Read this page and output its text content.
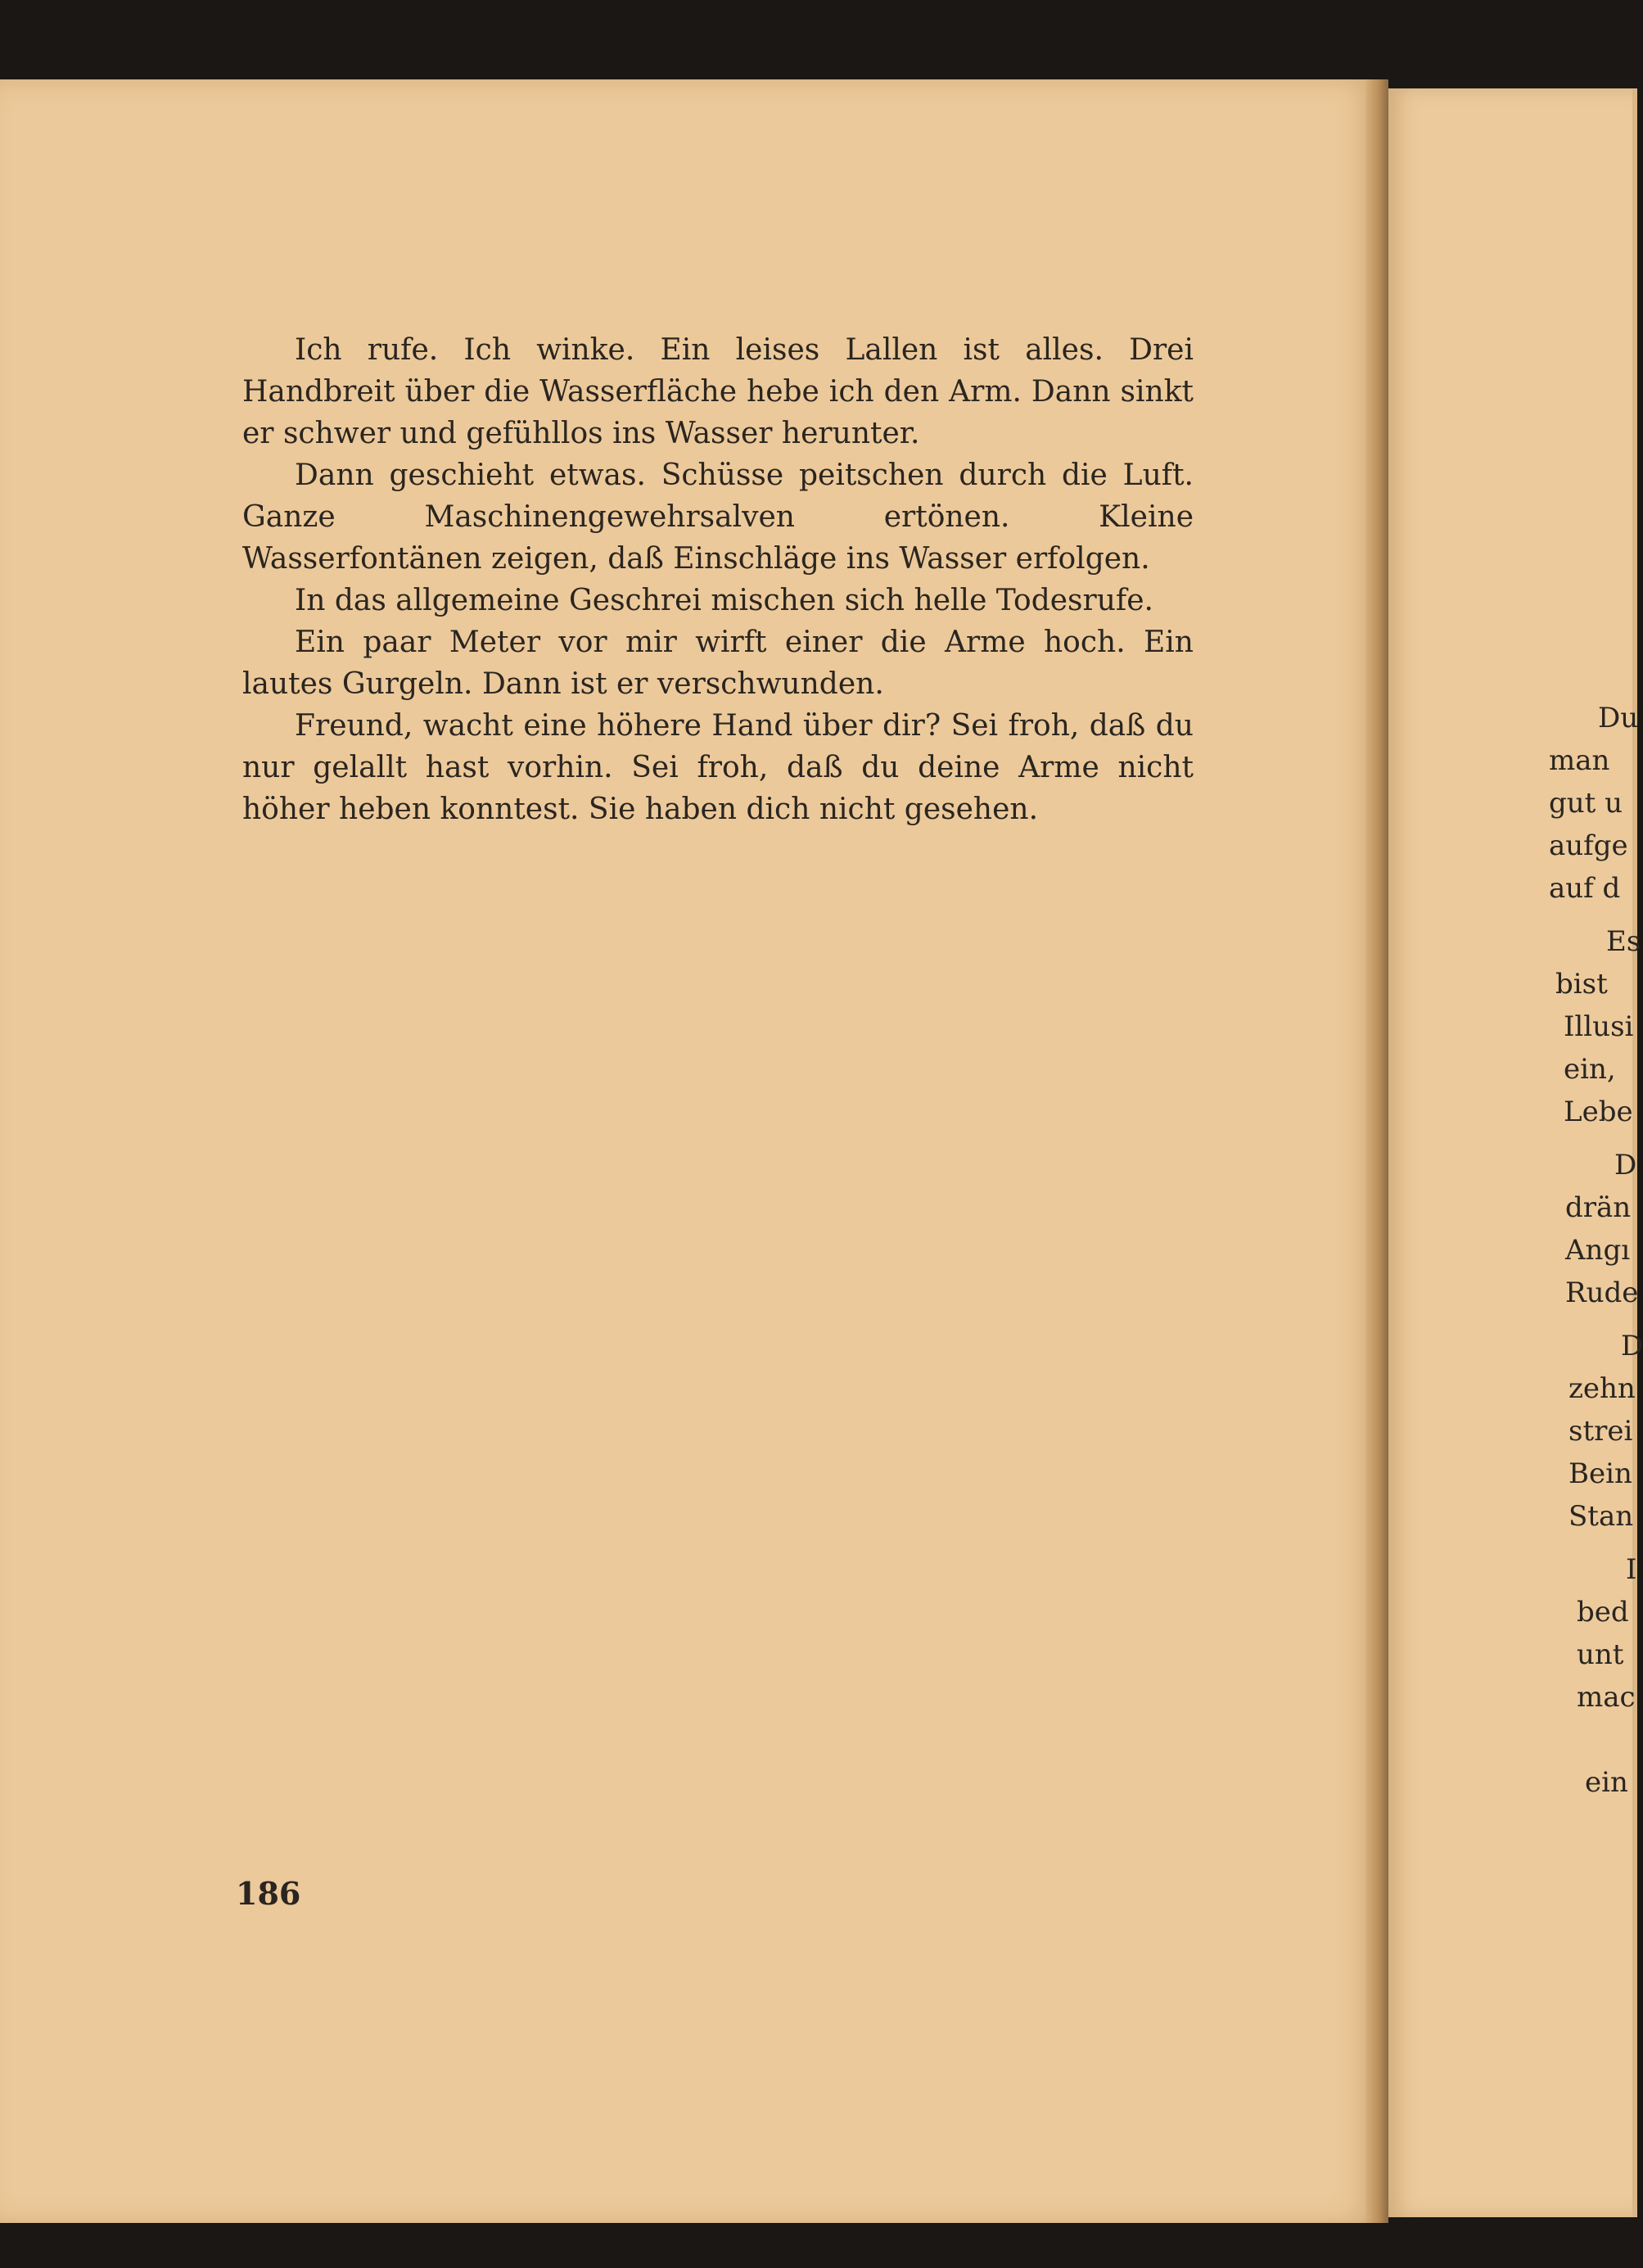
Ich rufe. Ich winke. Ein leises Lallen ist alles. Drei Handbreit über die Wasserfläche hebe ich den Arm. Dann sinkt er schwer und gefühllos ins Wasser herunter.

Dann geschieht etwas. Schüsse peitschen durch die Luft. Ganze Maschinengewehrsalven ertönen. Kleine Wasserfontänen zeigen, daß Einschläge ins Wasser erfolgen.

In das allgemeine Geschrei mischen sich helle Todesrufe.

Ein paar Meter vor mir wirft einer die Arme hoch. Ein lautes Gurgeln. Dann ist er verschwunden.

Freund, wacht eine höhere Hand über dir? Sei froh, daß du nur gelallt hast vorhin. Sei froh, daß du deine Arme nicht höher heben konntest. Sie haben dich nicht gesehen.

186
Du
man
gut u
aufge
auf d
Es
bist
Illusi
ein,
Lebe
D
drän
Angı
Rude
D
zehn
strei
Bein
Stan
I
bed
unt
mac
ein
